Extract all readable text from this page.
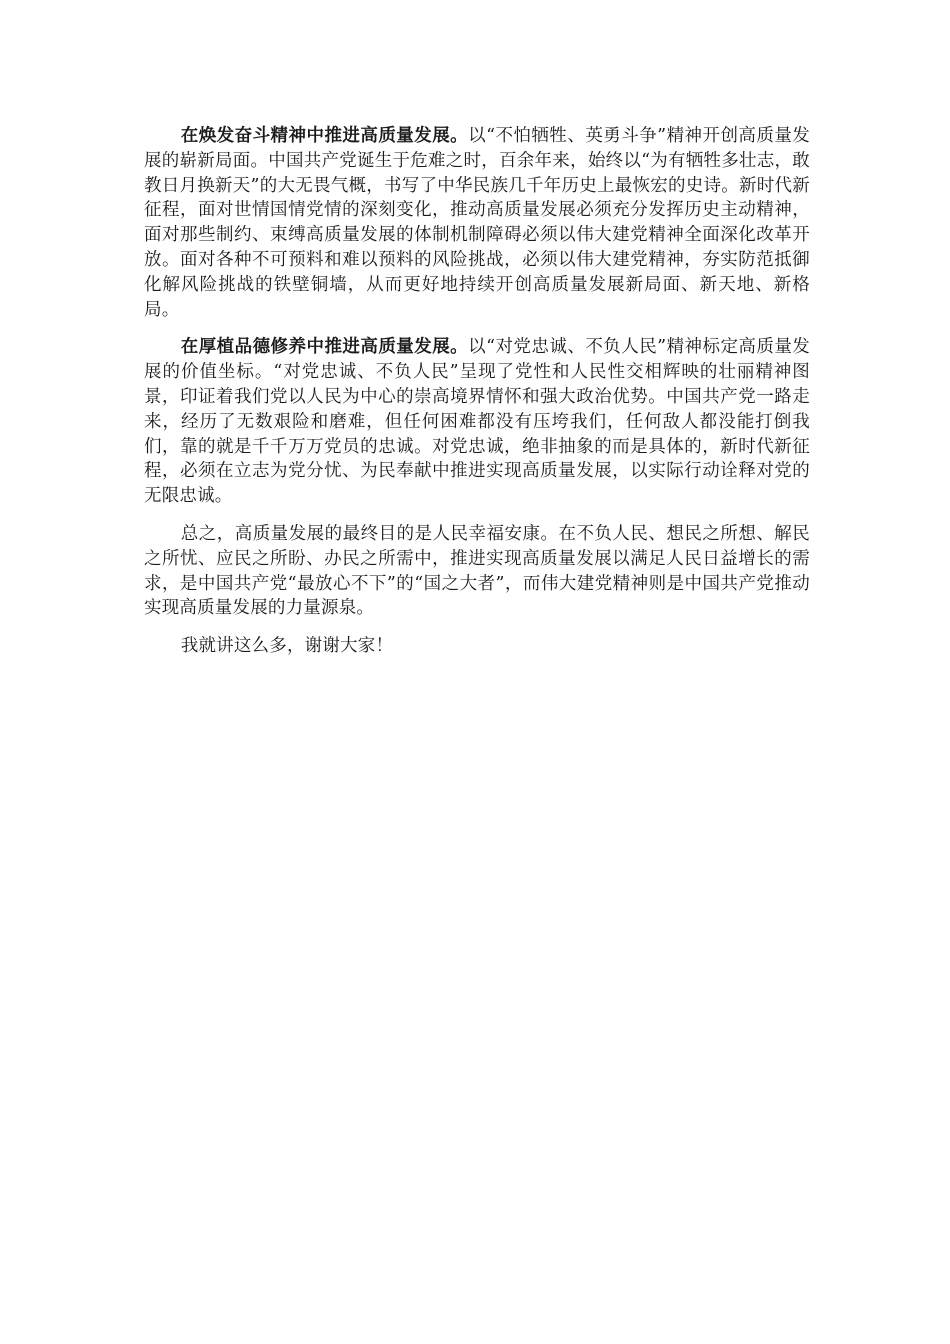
在焕发奋斗精神中推进高质量发展。以“不怕牺牲、英勇斗争”精神开创高质量发展的崭新局面。中国共产党诞生于危难之时，百余年来，始终以“为有牺牲多壮志，敢教日月换新天”的大无畏气概，书写了中华民族几千年历史上最恢宏的史诗。新时代新征程，面对世情国情党情的深刻变化，推动高质量发展必须充分发挥历史主动精神，面对那些制约、束缚高质量发展的体制机制障碍必须以伟大建党精神全面深化改革开放。面对各种不可预料和难以预料的风险挑战，必须以伟大建党精神，夯实防范抵御化解风险挑战的铁壁铜墙，从而更好地持续开创高质量发展新局面、新天地、新格局。

在厚植品德修养中推进高质量发展。以“对党忠诚、不负人民”精神标定高质量发展的价值坐标。“对党忠诚、不负人民”呈现了党性和人民性交相辉映的壮丽精神图景，印证着我们党以人民为中心的崇高境界情怀和强大政治优势。中国共产党一路走来，经历了无数艰险和磨难，但任何困难都没有压垮我们，任何敌人都没能打倒我们，靠的就是千千万万党员的忠诚。对党忠诚，绝非抽象的而是具体的，新时代新征程，必须在立志为党分忧、为民奉献中推进实现高质量发展，以实际行动诠释对党的无限忠诚。

总之，高质量发展的最终目的是人民幸福安康。在不负人民、想民之所想、解民之所忧、应民之所盼、办民之所需中，推进实现高质量发展以满足人民日益增长的需求，是中国共产党“最放心不下”的“国之大者”，而伟大建党精神则是中国共产党推动实现高质量发展的力量源泉。

我就讲这么多，谢谢大家！
